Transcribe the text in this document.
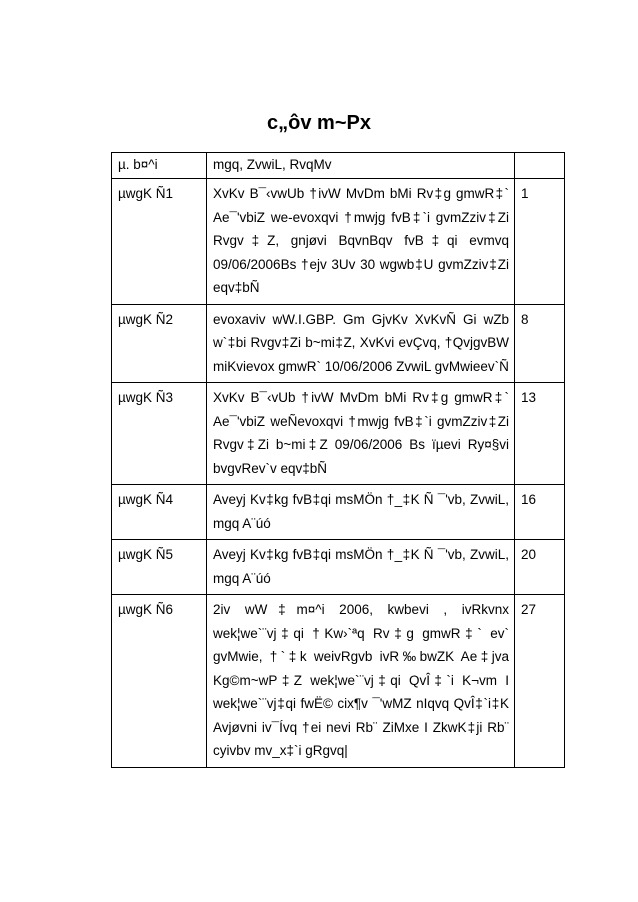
c„ôv m~Px
µ. b¤^i	mgq, ZvwiL, RvqMv	
µwgK Ñ1	XvKv B¯‹vwUb †ivW MvDm bMi Rv‡g gmwR‡` Ae¯'vbiZ we-evoxqvi †mwjg fvB‡`i gvmZziv‡Zi Rvgv‡Z, gnjøvi BqvnBqv fvB‡qi evmvq 09/06/2006Bs †ejv 3Uv 30 wgwb‡U gvmZziv‡Zi eqv‡bÑ	1
µwgK Ñ2	evoxaviv wW.I.GBP. Gm GjvKv XvKvÑ Gi wZb w`‡bi Rvgv‡Zi b~mi‡Z, XvKvi evÇvq, †QvjgvBW miKvievox gmwR` 10/06/2006 ZvwiL gvMwieev`Ñ	8
µwgK Ñ3	XvKv B¯‹vUb †ivW MvDm bMi Rv‡g gmwR‡` Ae¯'vbiZ weÑevoxqvi †mwjg fvB‡`i gvmZziv‡Zi Rvgv‡Zi b~mi‡Z 09/06/2006 Bs ïµevi Ry¤§vi bvgvRev`v eqv‡bÑ	13
µwgK Ñ4	Aveyj Kv‡kg fvB‡qi msMÖn †_‡K Ñ ¯'vb, ZvwiL, mgq A¨úó	16
µwgK Ñ5	Aveyj Kv‡kg fvB‡qi msMÖn †_‡K Ñ ¯'vb, ZvwiL, mgq A¨úó	20
µwgK Ñ6	2iv wW‡m¤^i 2006, kwbevi , ivRkvnx wek¦we`¨vj‡qi †Kw›`ªq Rv‡g gmwR‡` ev` gvMwie, †`‡k weivRgvb ivR‰bwZK Ae‡jva Kg©m~wP‡Z wek¦we`¨vj‡qi QvÎ‡`i K¬vm I wek¦we`¨vj‡qi fwË© cix¶v ¯'wMZ nIqvq QvÎ‡`i‡K Avjøvni iv¯Ívq †ei nevi Rb¨ ZiMxe I ZkwK‡ji Rb¨ cyivbv mv_x‡`i gRgvq|	27
